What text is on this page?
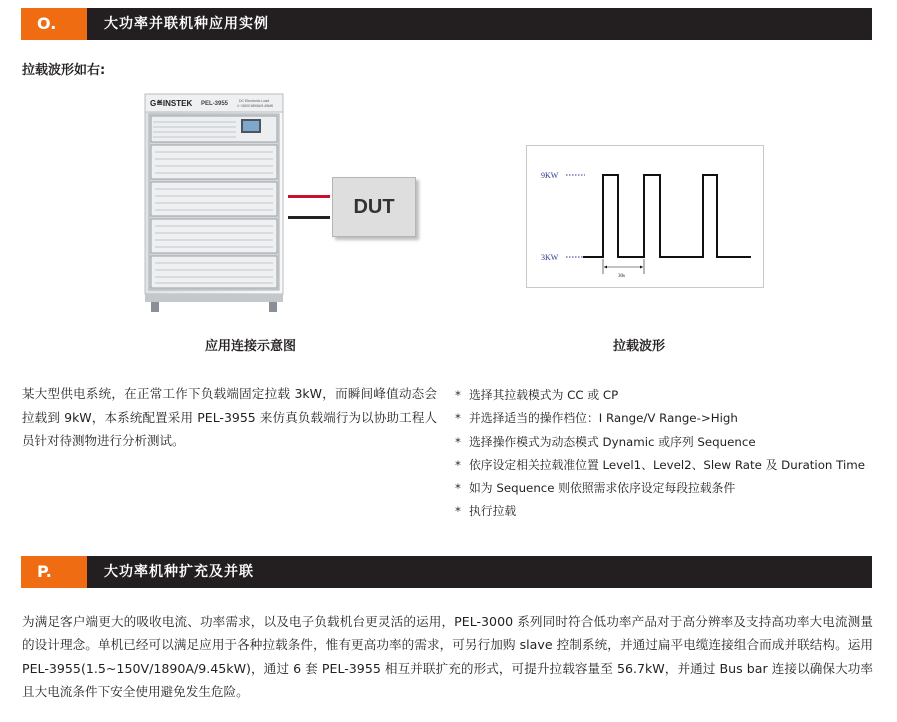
O.	大功率并联机种应用实例
拉载波形如右:
G≝INSTEK PEL-3955	DC Electronic Load
1~150V/1890A/9.45kW
DUT
9KW
3KW
30s
应用连接示意图	拉载波形
某大型供电系统，在正常工作下负载端固定拉载 3kW，而瞬间峰值动态会拉载到 9kW，本系统配置采用 PEL-3955 来仿真负载端行为以协助工程人员针对待测物进行分析测试。
* 选择其拉载模式为 CC 或 CP
* 并选择适当的操作档位：I Range/V Range->High
* 选择操作模式为动态模式 Dynamic 或序列 Sequence
* 依序设定相关拉载准位置 Level1、Level2、Slew Rate 及 Duration Time
* 如为 Sequence 则依照需求依序设定每段拉载条件
* 执行拉载
P.	大功率机种扩充及并联
为满足客户端更大的吸收电流、功率需求，以及电子负载机台更灵活的运用，PEL-3000 系列同时符合低功率产品对于高分辨率及支持高功率大电流测量的设计理念。单机已经可以满足应用于各种拉载条件，惟有更高功率的需求，可另行加购 slave 控制系统，并通过扁平电缆连接组合而成并联结构。运用 PEL-3955(1.5~150V/1890A/9.45kW)，通过 6 套 PEL-3955 相互并联扩充的形式，可提升拉载容量至 56.7kW，并通过 Bus bar 连接以确保大功率且大电流条件下安全使用避免发生危险。
